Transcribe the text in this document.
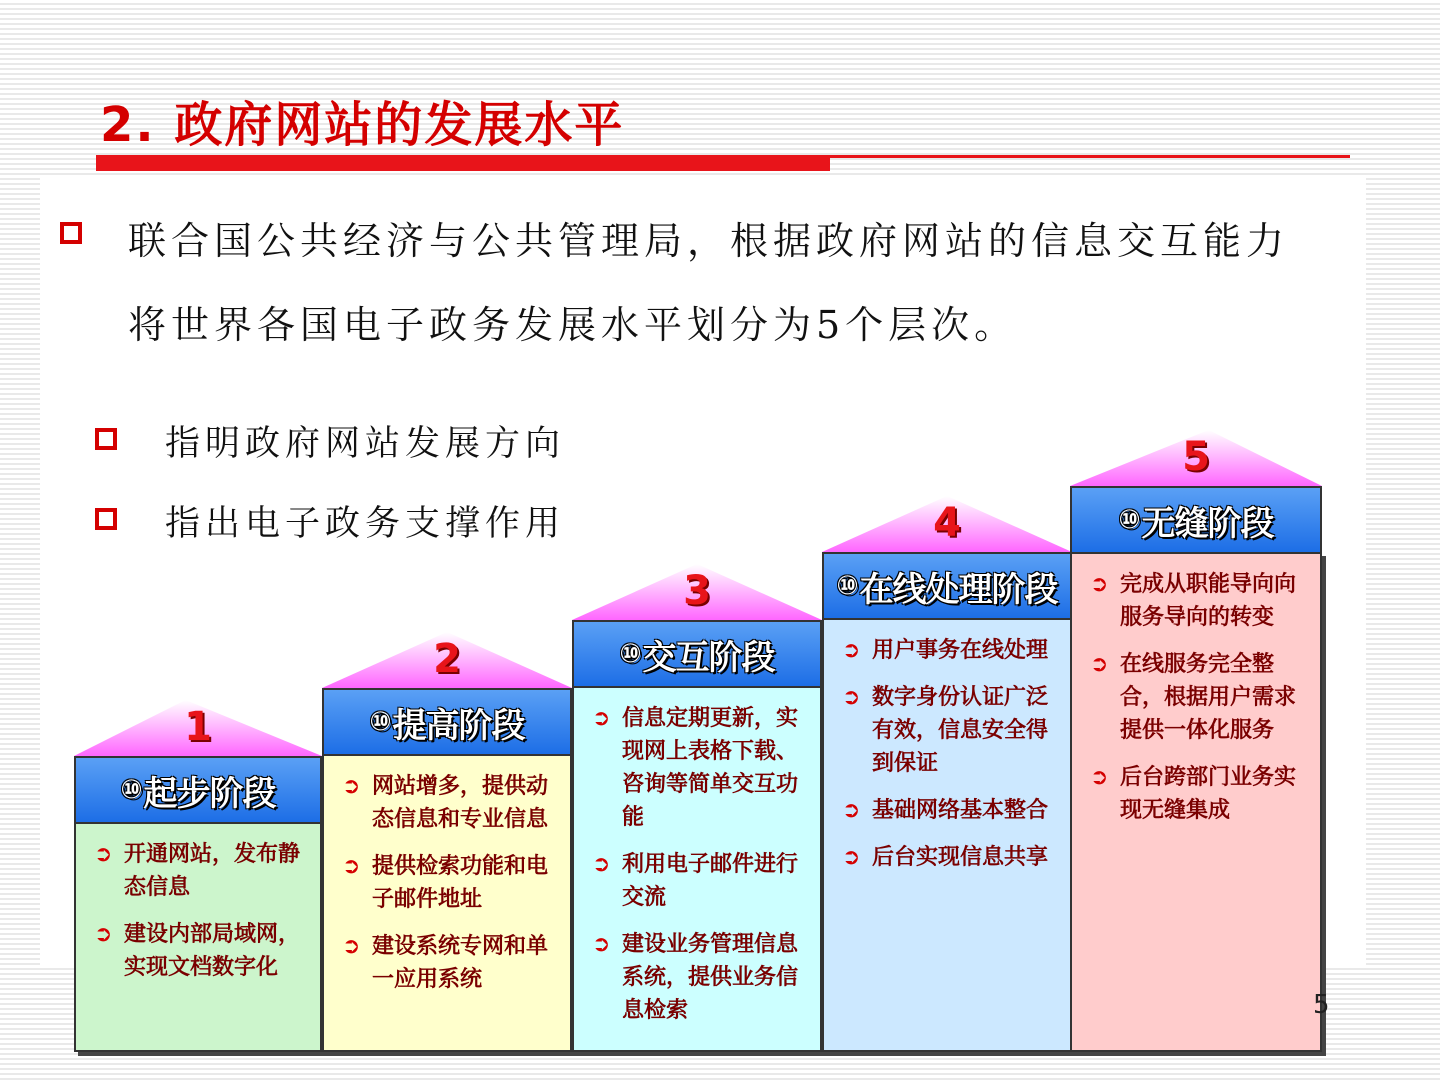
2. 政府网站的发展水平
联合国公共经济与公共管理局，根据政府网站的信息交互能力
将世界各国电子政务发展水平划分为5个层次。
指明政府网站发展方向
指出电子政务支撑作用
1
⑩ 起步阶段
➲ 开通网站，发布静态信息
➲ 建设内部局域网，实现文档数字化
2
⑩ 提高阶段
➲ 网站增多，提供动态信息和专业信息
➲ 提供检索功能和电子邮件地址
➲ 建设系统专网和单一应用系统
3
⑩ 交互阶段
➲ 信息定期更新，实现网上表格下载、咨询等简单交互功能
➲ 利用电子邮件进行交流
➲ 建设业务管理信息系统，提供业务信息检索
4
⑩ 在线处理阶段
➲ 用户事务在线处理
➲ 数字身份认证广泛有效，信息安全得到保证
➲ 基础网络基本整合
➲ 后台实现信息共享
5
⑩ 无缝阶段
➲ 完成从职能导向向服务导向的转变
➲ 在线服务完全整合，根据用户需求提供一体化服务
➲ 后台跨部门业务实现无缝集成
5
